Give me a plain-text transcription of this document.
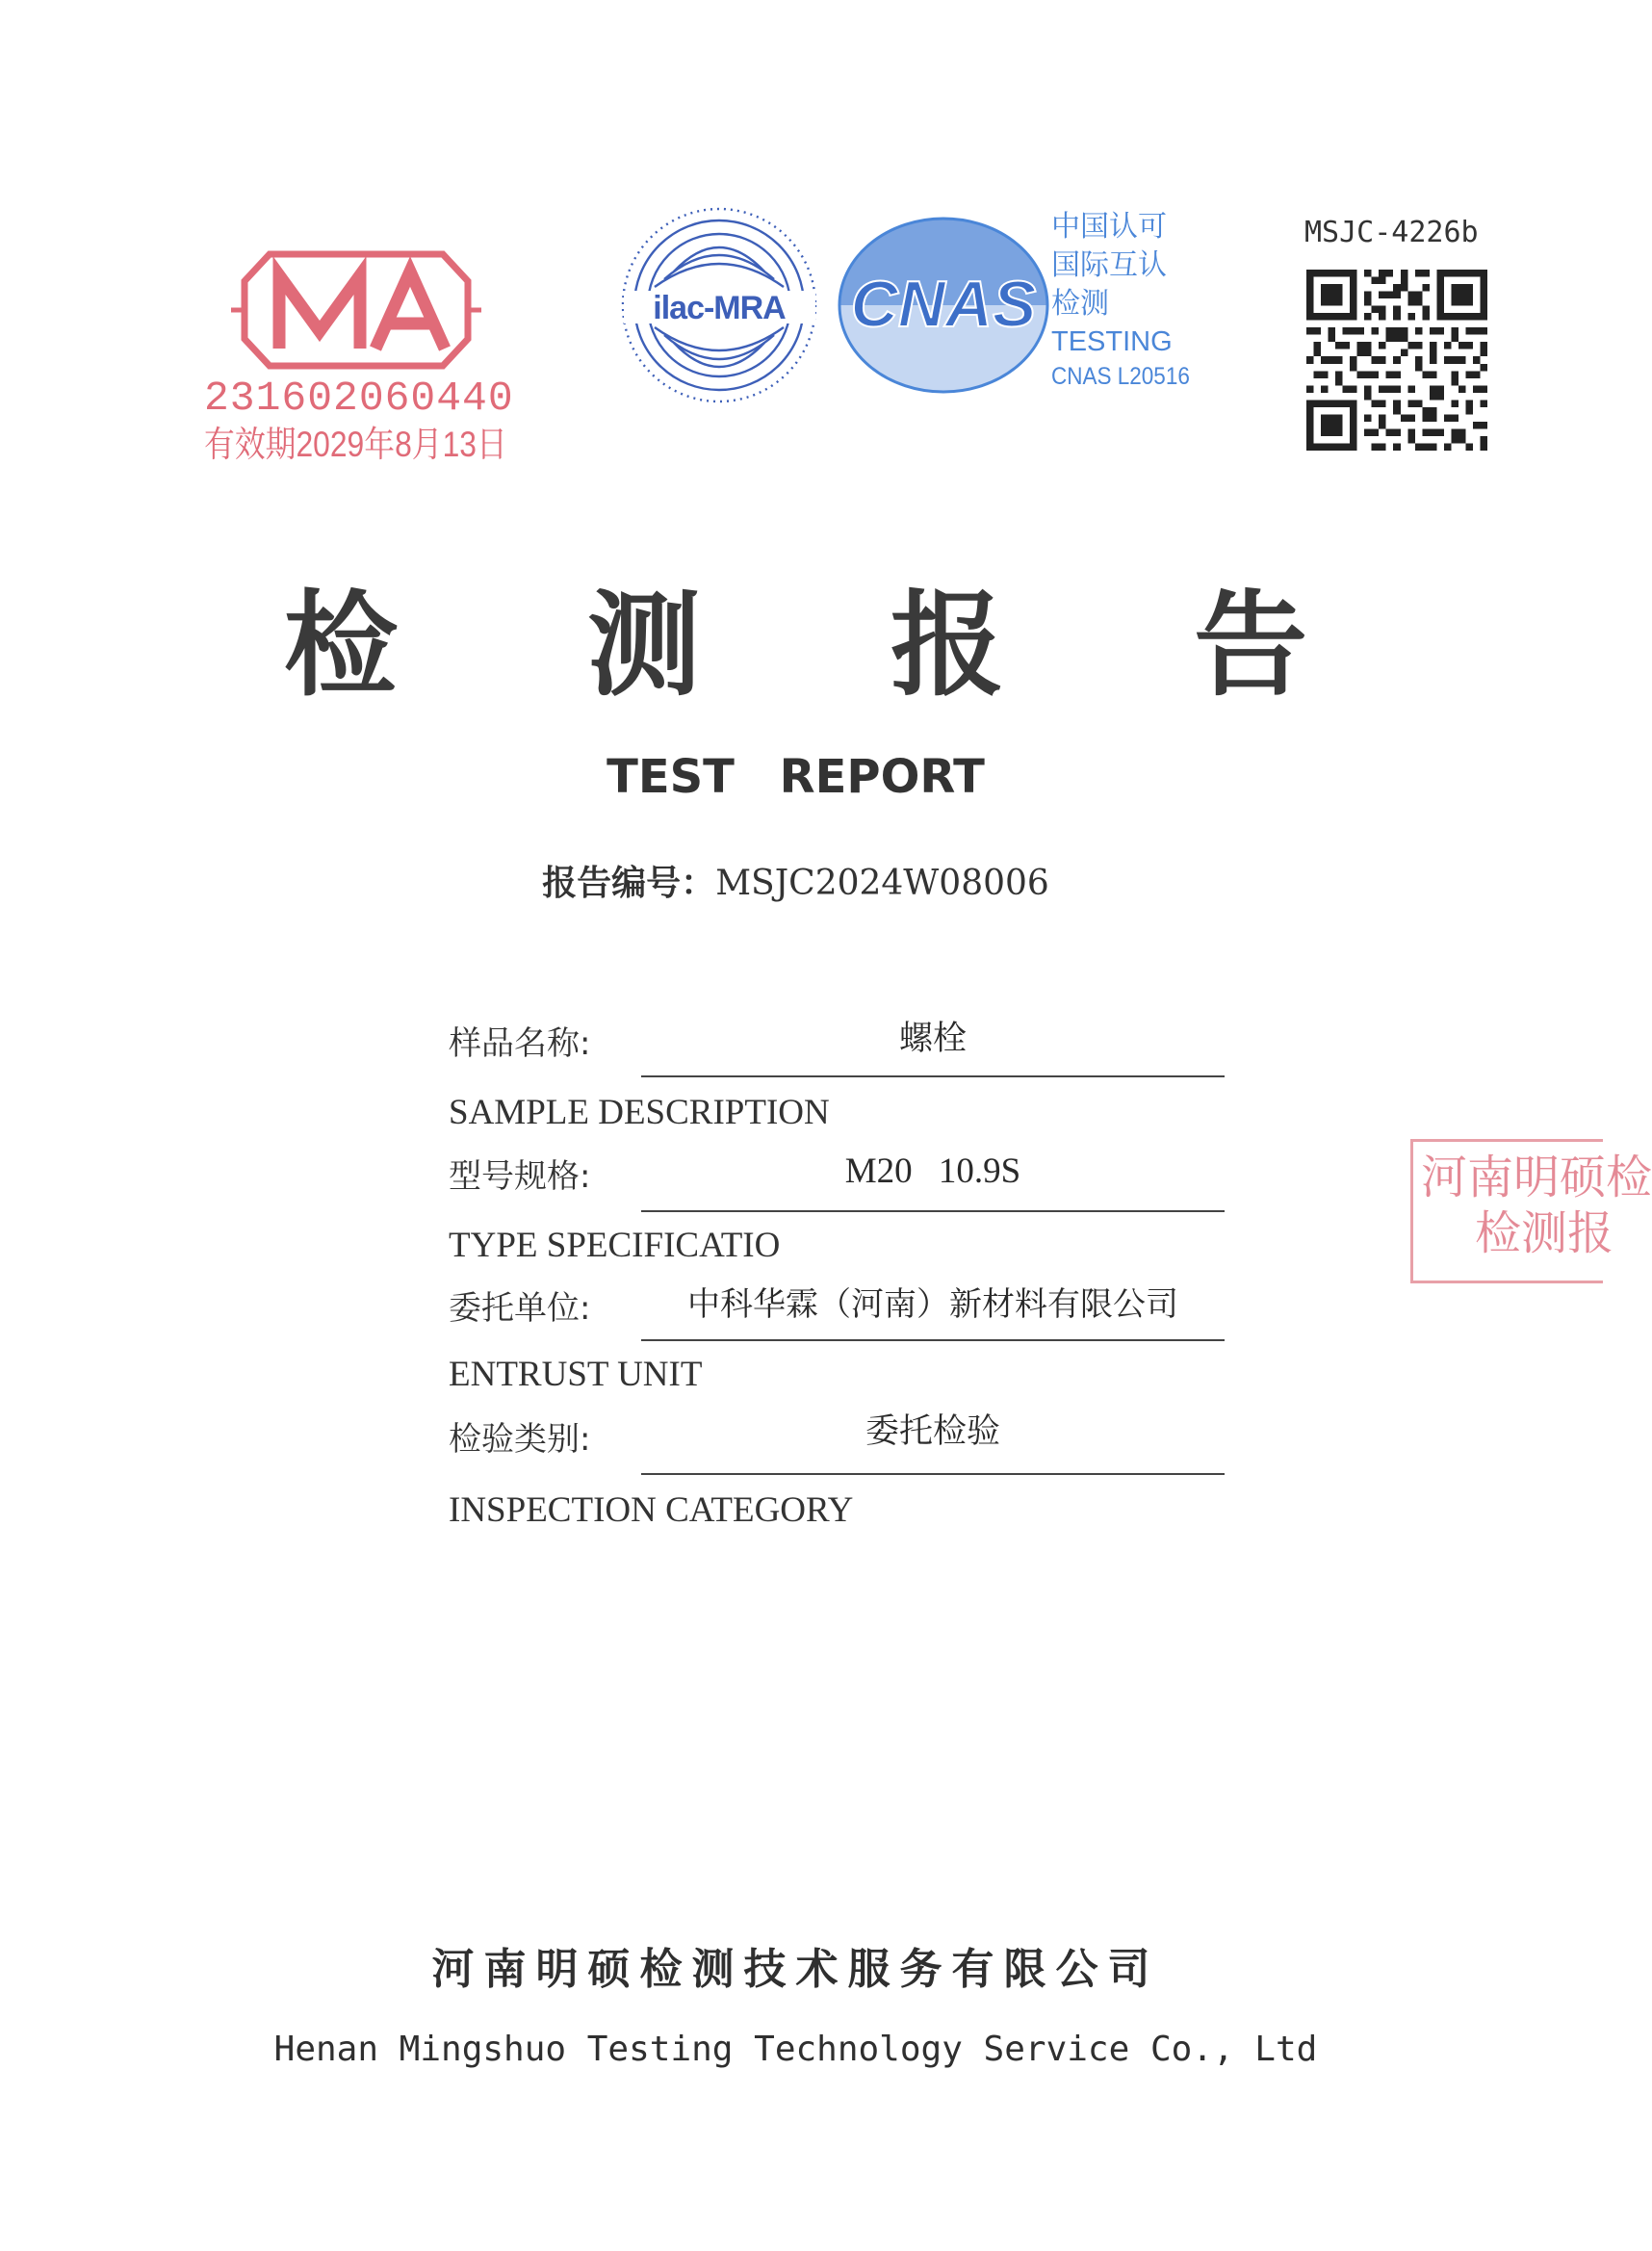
231602060440
有效期2029年8月13日
ilac-MRA CNAS
中国认可
国际互认
检测
TESTING
CNAS L20516
MSJC-4226b
检 测 报 告
TEST REPORT
报告编号：MSJC2024W08006
样品名称:	螺栓
SAMPLE DESCRIPTION
型号规格:	M20 10.9S
TYPE SPECIFICATIO
委托单位:	中科华霖（河南）新材料有限公司
ENTRUST UNIT
检验类别:	委托检验
INSPECTION CATEGORY
河南明硕检
检测报
河南明硕检测技术服务有限公司
Henan Mingshuo Testing Technology Service Co., Ltd
